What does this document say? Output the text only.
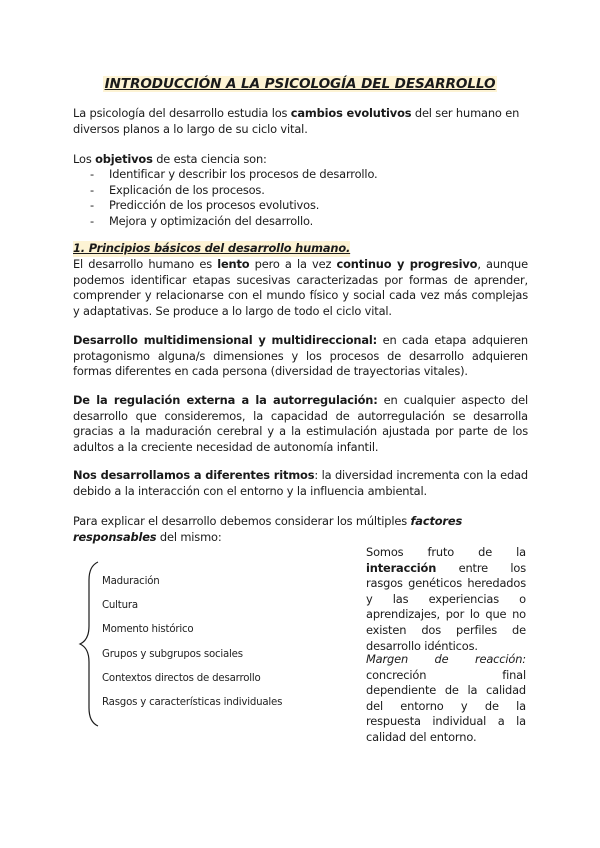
INTRODUCCIÓN A LA PSICOLOGÍA DEL DESARROLLO
La psicología del desarrollo estudia los cambios evolutivos del ser humano en diversos planos a lo largo de su ciclo vital.
Los objetivos de esta ciencia son:
- Identificar y describir los procesos de desarrollo.
- Explicación de los procesos.
- Predicción de los procesos evolutivos.
- Mejora y optimización del desarrollo.
1. Principios básicos del desarrollo humano.
El desarrollo humano es lento pero a la vez continuo y progresivo, aunque podemos identificar etapas sucesivas caracterizadas por formas de aprender, comprender y relacionarse con el mundo físico y social cada vez más complejas y adaptativas. Se produce a lo largo de todo el ciclo vital.
Desarrollo multidimensional y multidireccional: en cada etapa adquieren protagonismo alguna/s dimensiones y los procesos de desarrollo adquieren formas diferentes en cada persona (diversidad de trayectorias vitales).
De la regulación externa a la autorregulación: en cualquier aspecto del desarrollo que consideremos, la capacidad de autorregulación se desarrolla gracias a la maduración cerebral y a la estimulación ajustada por parte de los adultos a la creciente necesidad de autonomía infantil.
Nos desarrollamos a diferentes ritmos: la diversidad incrementa con la edad debido a la interacción con el entorno y la influencia ambiental.
Para explicar el desarrollo debemos considerar los múltiples factores responsables del mismo:
Maduración
Cultura
Momento histórico
Grupos y subgrupos sociales
Contextos directos de desarrollo
Rasgos y características individuales
Somos fruto de la interacción entre los rasgos genéticos heredados y las experiencias o aprendizajes, por lo que no existen dos perfiles de desarrollo idénticos.
Margen de reacción: concreción final dependiente de la calidad del entorno y de la respuesta individual a la calidad del entorno.
